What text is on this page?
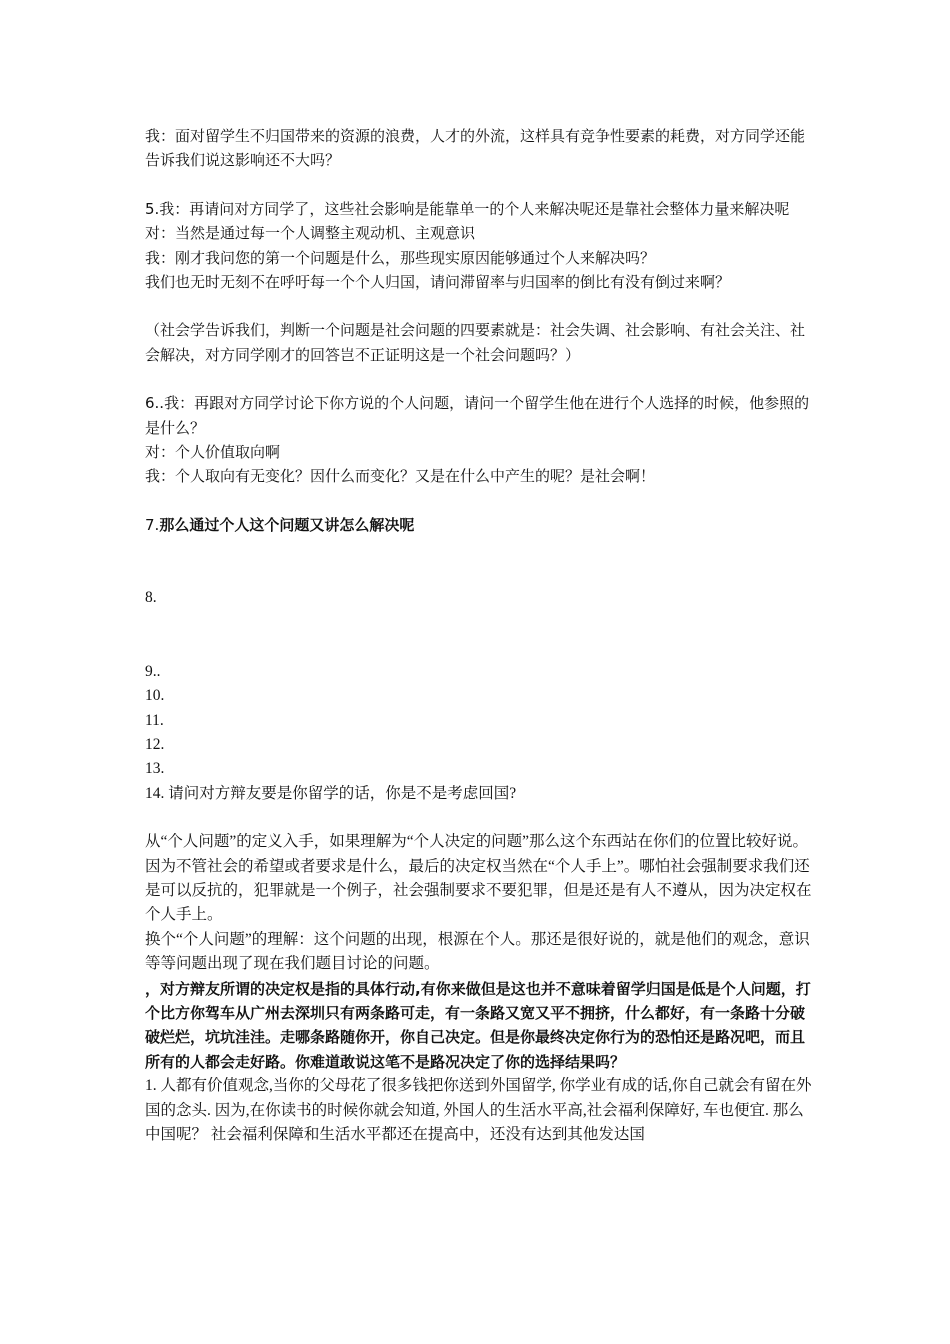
我：面对留学生不归国带来的资源的浪费，人才的外流，这样具有竞争性要素的耗费，对方同学还能告诉我们说这影响还不大吗？

5.我：再请问对方同学了，这些社会影响是能靠单一的个人来解决呢还是靠社会整体力量来解决呢

对：当然是通过每一个人调整主观动机、主观意识

我：刚才我问您的第一个问题是什么，那些现实原因能够通过个人来解决吗？

我们也无时无刻不在呼吁每一个个人归国，请问滞留率与归国率的倒比有没有倒过来啊？

（社会学告诉我们，判断一个问题是社会问题的四要素就是：社会失调、社会影响、有社会关注、社会解决，对方同学刚才的回答岂不正证明这是一个社会问题吗？）

6..我：再跟对方同学讨论下你方说的个人问题，请问一个留学生他在进行个人选择的时候，他参照的是什么？

对：个人价值取向啊

我：个人取向有无变化？因什么而变化？又是在什么中产生的呢？是社会啊！

7.那么通过个人这个问题又讲怎么解决呢

8.

9..

10.

11.

12.

13.

14. 请问对方辩友要是你留学的话，你是不是考虑回国?

从“个人问题”的定义入手，如果理解为“个人决定的问题”那么这个东西站在你们的位置比较好说。因为不管社会的希望或者要求是什么，最后的决定权当然在“个人手上”。哪怕社会强制要求我们还是可以反抗的，犯罪就是一个例子，社会强制要求不要犯罪，但是还是有人不遵从，因为决定权在个人手上。

换个“个人问题”的理解：这个问题的出现，根源在个人。那还是很好说的，就是他们的观念，意识等等问题出现了现在我们题目讨论的问题。

，对方辩友所谓的决定权是指的具体行动,有你来做但是这也并不意味着留学归国是低是个人问题，打个比方你驾车从广州去深圳只有两条路可走，有一条路又宽又平不拥挤，什么都好，有一条路十分破破烂烂，坑坑洼洼。走哪条路随你开，你自己决定。但是你最终决定你行为的恐怕还是路况吧，而且所有的人都会走好路。你难道敢说这笔不是路况决定了你的选择结果吗？

1. 人都有价值观念,当你的父母花了很多钱把你送到外国留学, 你学业有成的话,你自己就会有留在外国的念头. 因为,在你读书的时候你就会知道, 外国人的生活水平高,社会福利保障好, 车也便宜. 那么中国呢？ 社会福利保障和生活水平都还在提高中，还没有达到其他发达国
